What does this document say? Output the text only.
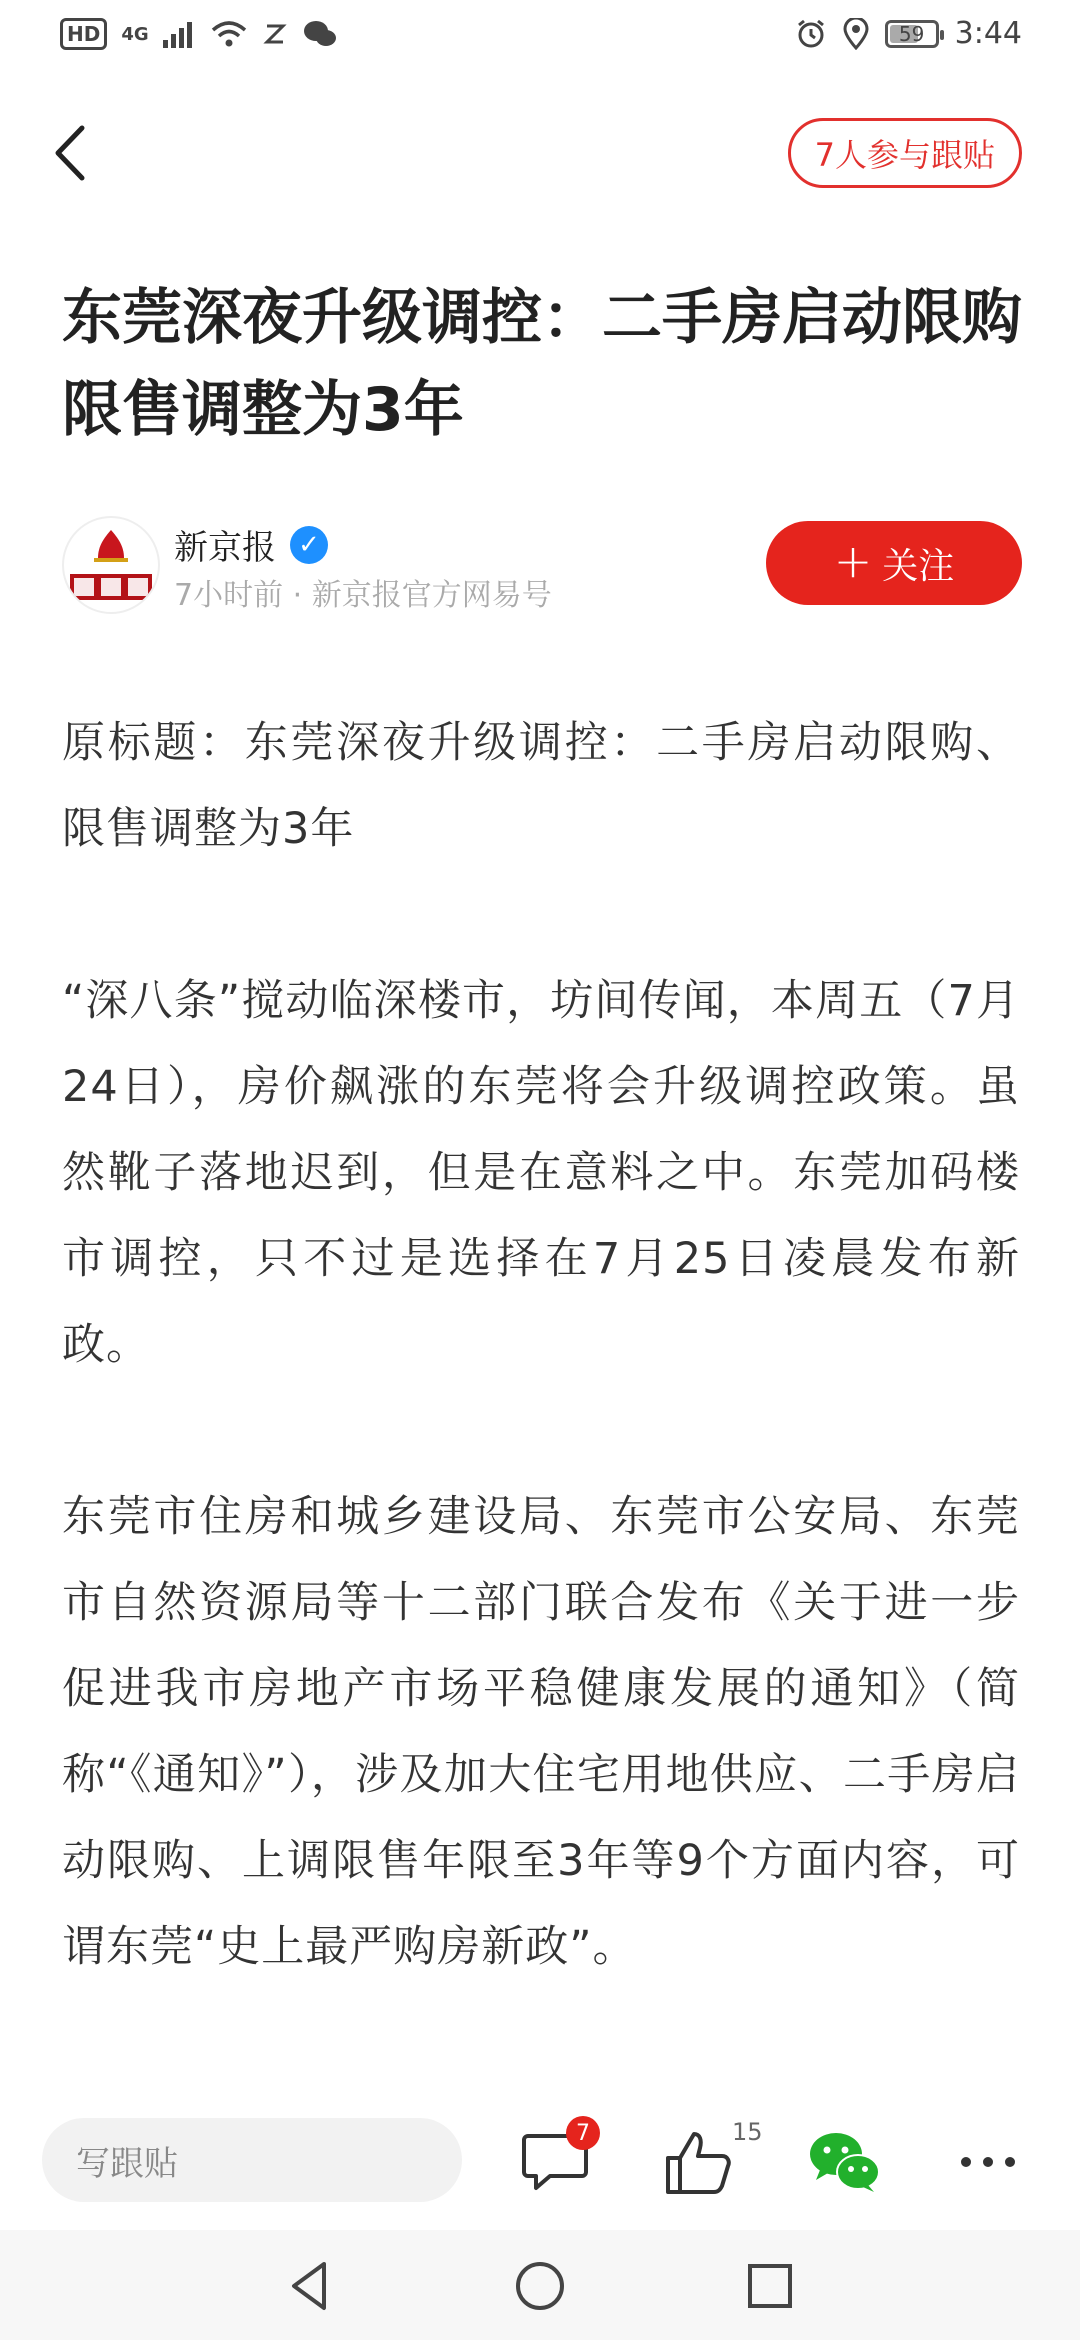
HD	4G	59	3:44
7人参与跟贴
东莞深夜升级调控：二手房启动限购 限售调整为3年
新京报 ✓
7小时前 · 新京报官方网易号
+ 关注

原标题：东莞深夜升级调控：二手房启动限购、限售调整为3年

“深八条”搅动临深楼市，坊间传闻，本周五（7月24日），房价飙涨的东莞将会升级调控政策。虽然靴子落地迟到，但是在意料之中。东莞加码楼市调控，只不过是选择在7月25日凌晨发布新政。

东莞市住房和城乡建设局、东莞市公安局、东莞市自然资源局等十二部门联合发布《关于进一步促进我市房地产市场平稳健康发展的通知》（简称“《通知》”），涉及加大住宅用地供应、二手房启动限购、上调限售年限至3年等9个方面内容，可谓东莞“史上最严购房新政”。

写跟贴
7	15
